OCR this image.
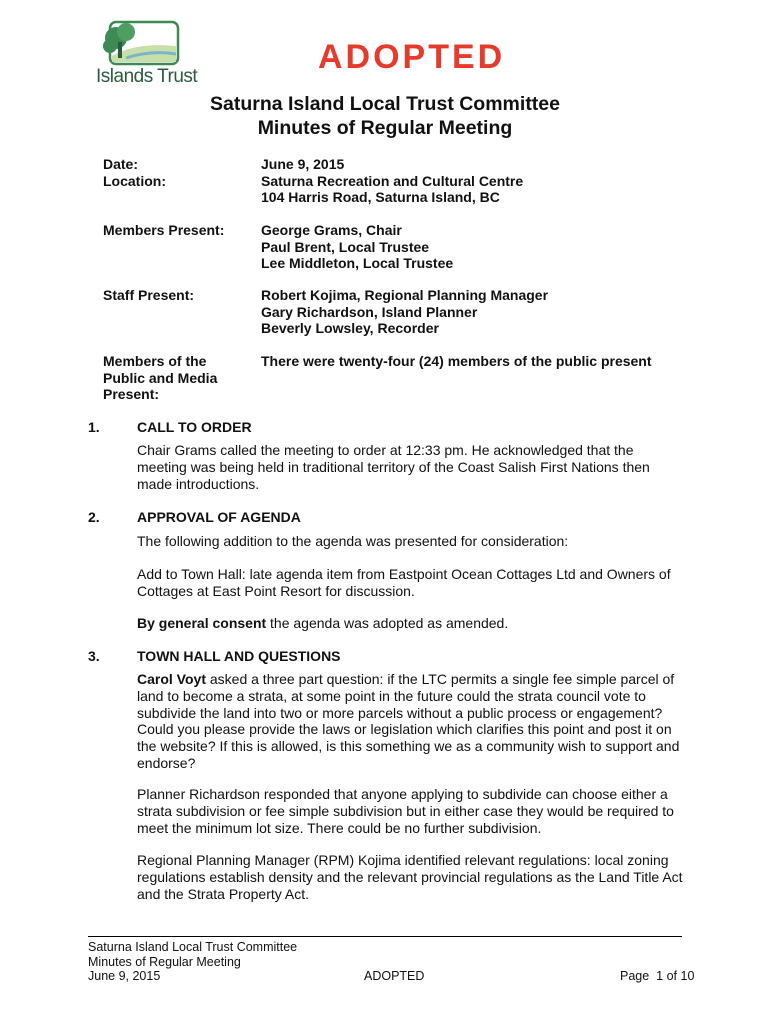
Islands Trust
ADOPTED
Saturna Island Local Trust Committee
Minutes of Regular Meeting
Date:	June 9, 2015
Location:	Saturna Recreation and Cultural Centre
104 Harris Road, Saturna Island, BC
Members Present:	George Grams, Chair
Paul Brent, Local Trustee
Lee Middleton, Local Trustee
Staff Present:	Robert Kojima, Regional Planning Manager
Gary Richardson, Island Planner
Beverly Lowsley, Recorder
Members of the
Public and Media
Present:
There were twenty-four (24) members of the public present
1.	CALL TO ORDER
Chair Grams called the meeting to order at 12:33 pm. He acknowledged that the
meeting was being held in traditional territory of the Coast Salish First Nations then
made introductions.
2.	APPROVAL OF AGENDA
The following addition to the agenda was presented for consideration:
Add to Town Hall: late agenda item from Eastpoint Ocean Cottages Ltd and Owners of
Cottages at East Point Resort for discussion.
By general consent the agenda was adopted as amended.
3.	TOWN HALL AND QUESTIONS
Carol Voyt asked a three part question: if the LTC permits a single fee simple parcel of
land to become a strata, at some point in the future could the strata council vote to
subdivide the land into two or more parcels without a public process or engagement?
Could you please provide the laws or legislation which clarifies this point and post it on
the website? If this is allowed, is this something we as a community wish to support and
endorse?
Planner Richardson responded that anyone applying to subdivide can choose either a
strata subdivision or fee simple subdivision but in either case they would be required to
meet the minimum lot size. There could be no further subdivision.
Regional Planning Manager (RPM) Kojima identified relevant regulations: local zoning
regulations establish density and the relevant provincial regulations as the Land Title Act
and the Strata Property Act.
Saturna Island Local Trust Committee
Minutes of Regular Meeting
June 9, 2015	ADOPTED	Page 1 of 10
